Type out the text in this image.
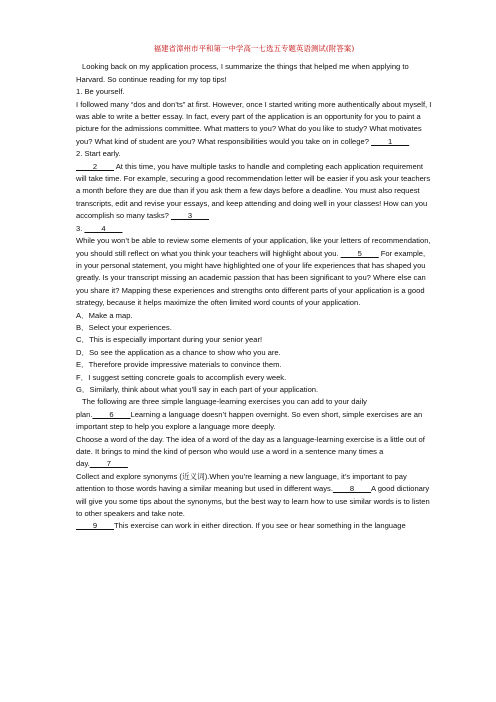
福建省漳州市平和第一中学高一七选五专题英语测试(附答案)

Looking back on my application process, I summarize the things that helped me when applying to Harvard. So continue reading for my top tips!

1. Be yourself.

I followed many “dos and don’ts” at first. However, once I started writing more authentically about myself, I was able to write a better essay. In fact, every part of the application is an opportunity for you to paint a picture for the admissions committee. What matters to you? What do you like to study? What motivates you? What kind of student are you? What responsibilities would you take on in college? ____1____

2. Start early.

____2____ At this time, you have multiple tasks to handle and completing each application requirement will take time. For example, securing a good recommendation letter will be easier if you ask your teachers a month before they are due than if you ask them a few days before a deadline. You must also request transcripts, edit and revise your essays, and keep attending and doing well in your classes! How can you accomplish so many tasks? ____3____

3. ____4____

While you won’t be able to review some elements of your application, like your letters of recommendation, you should still reflect on what you think your teachers will highlight about you. ____5____ For example, in your personal statement, you might have highlighted one of your life experiences that has shaped you greatly. Is your transcript missing an academic passion that has been significant to you? Where else can you share it? Mapping these experiences and strengths onto different parts of your application is a good strategy, because it helps maximize the often limited word counts of your application.

A．Make a map.

B．Select your experiences.

C．This is especially important during your senior year!

D．So see the application as a chance to show who you are.

E．Therefore provide impressive materials to convince them.

F．I suggest setting concrete goals to accomplish every week.

G．Similarly, think about what you’ll say in each part of your application.

The following are three simple language-learning exercises you can add to your daily plan.____6____Learning a language doesn’t happen overnight. So even short, simple exercises are an important step to help you explore a language more deeply.

Choose a word of the day. The idea of a word of the day as a language-learning exercise is a little out of date. It brings to mind the kind of person who would use a word in a sentence many times a day.____7____

Collect and explore synonyms (近义词).When you’re learning a new language, it’s important to pay attention to those words having a similar meaning but used in different ways.____8____A good dictionary will give you some tips about the synonyms, but the best way to learn how to use similar words is to listen to other speakers and take note.

____9____This exercise can work in either direction. If you see or hear something in the language
